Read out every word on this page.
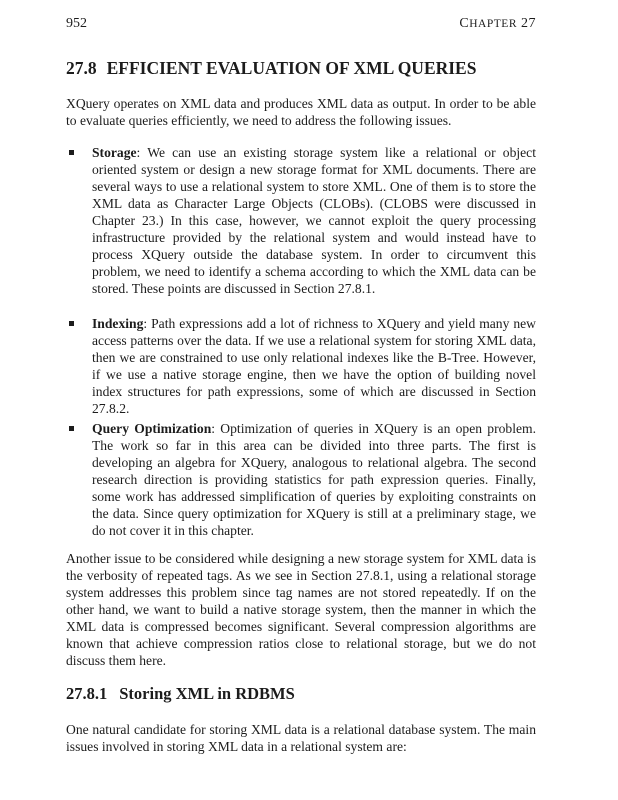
952	CHAPTER 27
27.8 EFFICIENT EVALUATION OF XML QUERIES

XQuery operates on XML data and produces XML data as output. In order to be able to evaluate queries efficiently, we need to address the following issues.

Storage: We can use an existing storage system like a relational or object oriented system or design a new storage format for XML documents. There are several ways to use a relational system to store XML. One of them is to store the XML data as Character Large Objects (CLOBs). (CLOBS were discussed in Chapter 23.) In this case, however, we cannot exploit the query processing infrastructure provided by the relational system and would instead have to process XQuery outside the database system. In order to circumvent this problem, we need to identify a schema according to which the XML data can be stored. These points are discussed in Section 27.8.1.
Indexing: Path expressions add a lot of richness to XQuery and yield many new access patterns over the data. If we use a relational system for storing XML data, then we are constrained to use only relational indexes like the B-Tree. However, if we use a native storage engine, then we have the option of building novel index structures for path expressions, some of which are discussed in Section 27.8.2.
Query Optimization: Optimization of queries in XQuery is an open problem. The work so far in this area can be divided into three parts. The first is developing an algebra for XQuery, analogous to relational algebra. The second research direction is providing statistics for path expression queries. Finally, some work has addressed simplification of queries by exploiting constraints on the data. Since query optimization for XQuery is still at a preliminary stage, we do not cover it in this chapter.

Another issue to be considered while designing a new storage system for XML data is the verbosity of repeated tags. As we see in Section 27.8.1, using a relational storage system addresses this problem since tag names are not stored repeatedly. If on the other hand, we want to build a native storage system, then the manner in which the XML data is compressed becomes significant. Several compression algorithms are known that achieve compression ratios close to relational storage, but we do not discuss them here.

27.8.1 Storing XML in RDBMS

One natural candidate for storing XML data is a relational database system. The main issues involved in storing XML data in a relational system are:
